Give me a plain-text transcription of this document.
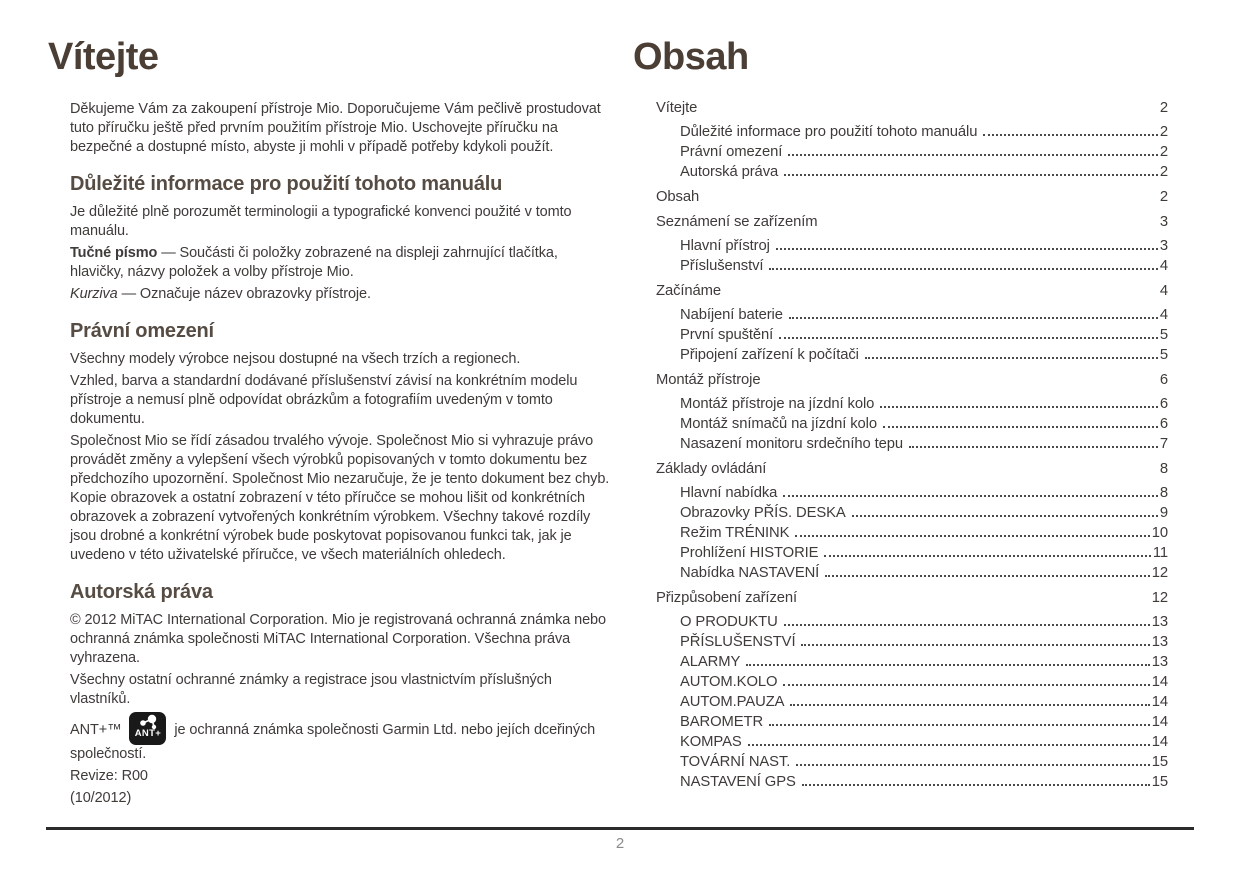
Vítejte

Děkujeme Vám za zakoupení přístroje Mio. Doporučujeme Vám pečlivě prostudovat tuto příručku ještě před prvním použitím přístroje Mio. Uschovejte příručku na bezpečné a dostupné místo, abyste ji mohli v případě potřeby kdykoli použít.

Důležité informace pro použití tohoto manuálu

Je důležité plně porozumět terminologii a typografické konvenci použité v tomto manuálu.

Tučné písmo — Součásti či položky zobrazené na displeji zahrnující tlačítka, hlavičky, názvy položek a volby přístroje Mio.

Kurziva — Označuje název obrazovky přístroje.

Právní omezení

Všechny modely výrobce nejsou dostupné na všech trzích a regionech.

Vzhled, barva a standardní dodávané příslušenství závisí na konkrétním modelu přístroje a nemusí plně odpovídat obrázkům a fotografiím uvedeným v tomto dokumentu.

Společnost Mio se řídí zásadou trvalého vývoje. Společnost Mio si vyhrazuje právo provádět změny a vylepšení všech výrobků popisovaných v tomto dokumentu bez předchozího upozornění. Společnost Mio nezaručuje, že je tento dokument bez chyb. Kopie obrazovek a ostatní zobrazení v této příručce se mohou lišit od konkrétních obrazovek a zobrazení vytvořených konkrétním výrobkem. Všechny takové rozdíly jsou drobné a konkrétní výrobek bude poskytovat popisovanou funkci tak, jak je uvedeno v této uživatelské příručce, ve všech materiálních ohledech.

Autorská práva

© 2012 MiTAC International Corporation. Mio je registrovaná ochranná známka nebo ochranná známka společnosti MiTAC International Corporation. Všechna práva vyhrazena.

Všechny ostatní ochranné známky a registrace jsou vlastnictvím příslušných vlastníků.

ANT+™ ANT+ je ochranná známka společnosti Garmin Ltd. nebo jejích dceřiných společností.

Revize: R00

(10/2012)

Obsah
Vítejte	2
Důležité informace pro použití tohoto manuálu	2
Právní omezení	2
Autorská práva	2
Obsah	2
Seznámení se zařízením	3
Hlavní přístroj	3
Příslušenství	4
Začínáme	4
Nabíjení baterie	4
První spuštění	5
Připojení zařízení k počítači	5
Montáž přístroje	6
Montáž přístroje na jízdní kolo	6
Montáž snímačů na jízdní kolo	6
Nasazení monitoru srdečního tepu	7
Základy ovládání	8
Hlavní nabídka	8
Obrazovky PŘÍS. DESKA	9
Režim TRÉNINK	10
Prohlížení HISTORIE	11
Nabídka NASTAVENÍ	12
Přizpůsobení zařízení	12
O PRODUKTU	13
PŘÍSLUŠENSTVÍ	13
ALARMY	13
AUTOM.KOLO	14
AUTOM.PAUZA	14
BAROMETR	14
KOMPAS	14
TOVÁRNÍ NAST.	15
NASTAVENÍ GPS	15
2
